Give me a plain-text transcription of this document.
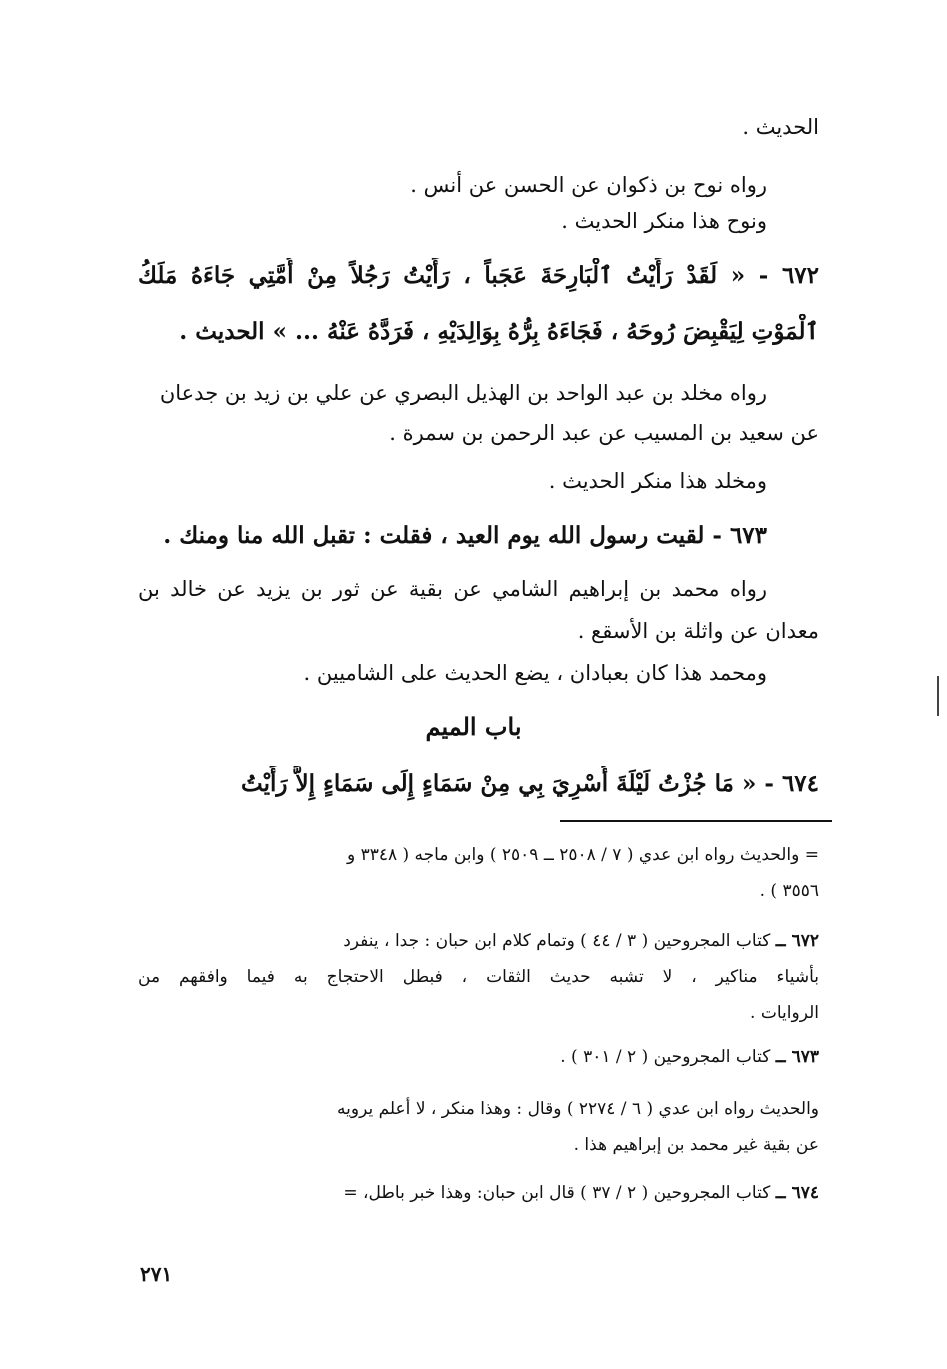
الحديث .
رواه نوح بن ذكوان عن الحسن عن أنس .
ونوح هذا منكر الحديث .
٦٧٢ - « لَقَدْ رَأَيْتُ ٱلْبَارِحَةَ عَجَباً ، رَأَيْتُ رَجُلاً مِنْ أُمَّتِي جَاءَهُ مَلَكُ
ٱلْمَوْتِ لِيَقْبِضَ رُوحَهُ ، فَجَاءَهُ بِرُّهُ بِوَالِدَيْهِ ، فَرَدَّهُ عَنْهُ ... » الحديث .
رواه مخلد بن عبد الواحد بن الهذيل البصري عن علي بن زيد بن جدعان
عن سعيد بن المسيب عن عبد الرحمن بن سمرة .
ومخلد هذا منكر الحديث .
٦٧٣ - لقيت رسول الله يوم العيد ، فقلت : تقبل الله منا ومنك .
رواه محمد بن إبراهيم الشامي عن بقية عن ثور بن يزيد عن خالد بن
معدان عن واثلة بن الأسقع .
ومحمد هذا كان بعبادان ، يضع الحديث على الشاميين .
باب الميم
٦٧٤ - « مَا جُزْتُ لَيْلَةَ أُسْرِيَ بِي مِنْ سَمَاءٍ إِلَى سَمَاءٍ إِلاَّ رَأَيْتُ
= والحديث رواه ابن عدي ( ٧ / ٢٥٠٨ ــ ٢٥٠٩ ) وابن ماجه ( ٣٣٤٨ و
٣٥٥٦ ) .
٦٧٢ ــ كتاب المجروحين ( ٣ / ٤٤ ) وتمام كلام ابن حبان : جدا ، ينفرد
بأشياء مناكير ، لا تشبه حديث الثقات ، فبطل الاحتجاج به فيما وافقهم من
الروايات .
٦٧٣ ــ كتاب المجروحين ( ٢ / ٣٠١ ) .
والحديث رواه ابن عدي ( ٦ / ٢٢٧٤ ) وقال : وهذا منكر ، لا أعلم يرويه
عن بقية غير محمد بن إبراهيم هذا .
٦٧٤ ــ كتاب المجروحين ( ٢ / ٣٧ ) قال ابن حبان: وهذا خبر باطل، =
٢٧١
